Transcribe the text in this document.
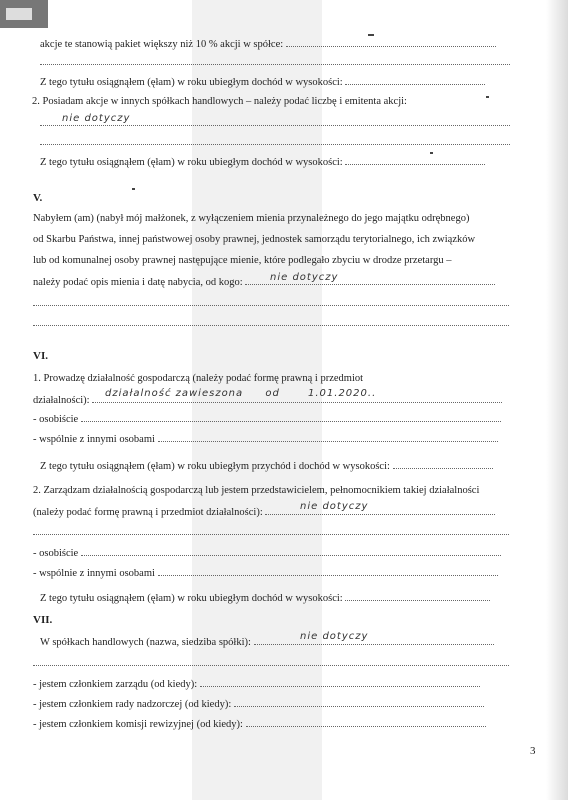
akcje te stanowią pakiet większy niż 10 % akcji w spółce:
Z tego tytułu osiągnąłem (ęłam) w roku ubiegłym dochód w wysokości:
2. Posiadam akcje w innych spółkach handlowych – należy podać liczbę i emitenta akcji:
nie dotyczy
Z tego tytułu osiągnąłem (ęłam) w roku ubiegłym dochód w wysokości:
V.
Nabyłem (am) (nabył mój małżonek, z wyłączeniem mienia przynależnego do jego majątku odrębnego)
od Skarbu Państwa, innej państwowej osoby prawnej, jednostek samorządu terytorialnego, ich związków
lub od komunalnej osoby prawnej następujące mienie, które podlegało zbyciu w drodze przetargu –
należy podać opis mienia i datę nabycia, od kogo:	nie dotyczy
VI.
1. Prowadzę działalność gospodarczą (należy podać formę prawną i przedmiot
działalności):
działalność zawieszona od	1.01.2020..
- osobiście
- wspólnie z innymi osobami
Z tego tytułu osiągnąłem (ęłam) w roku ubiegłym przychód i dochód w wysokości:
2. Zarządzam działalnością gospodarczą lub jestem przedstawicielem, pełnomocnikiem takiej działalności
(należy podać formę prawną i przedmiot działalności):
nie dotyczy
- osobiście
- wspólnie z innymi osobami
Z tego tytułu osiągnąłem (ęłam) w roku ubiegłym dochód w wysokości:
VII.
W spółkach handlowych (nazwa, siedziba spółki):
nie dotyczy
- jestem członkiem zarządu (od kiedy):
- jestem członkiem rady nadzorczej (od kiedy):
- jestem członkiem komisji rewizyjnej (od kiedy):
3
